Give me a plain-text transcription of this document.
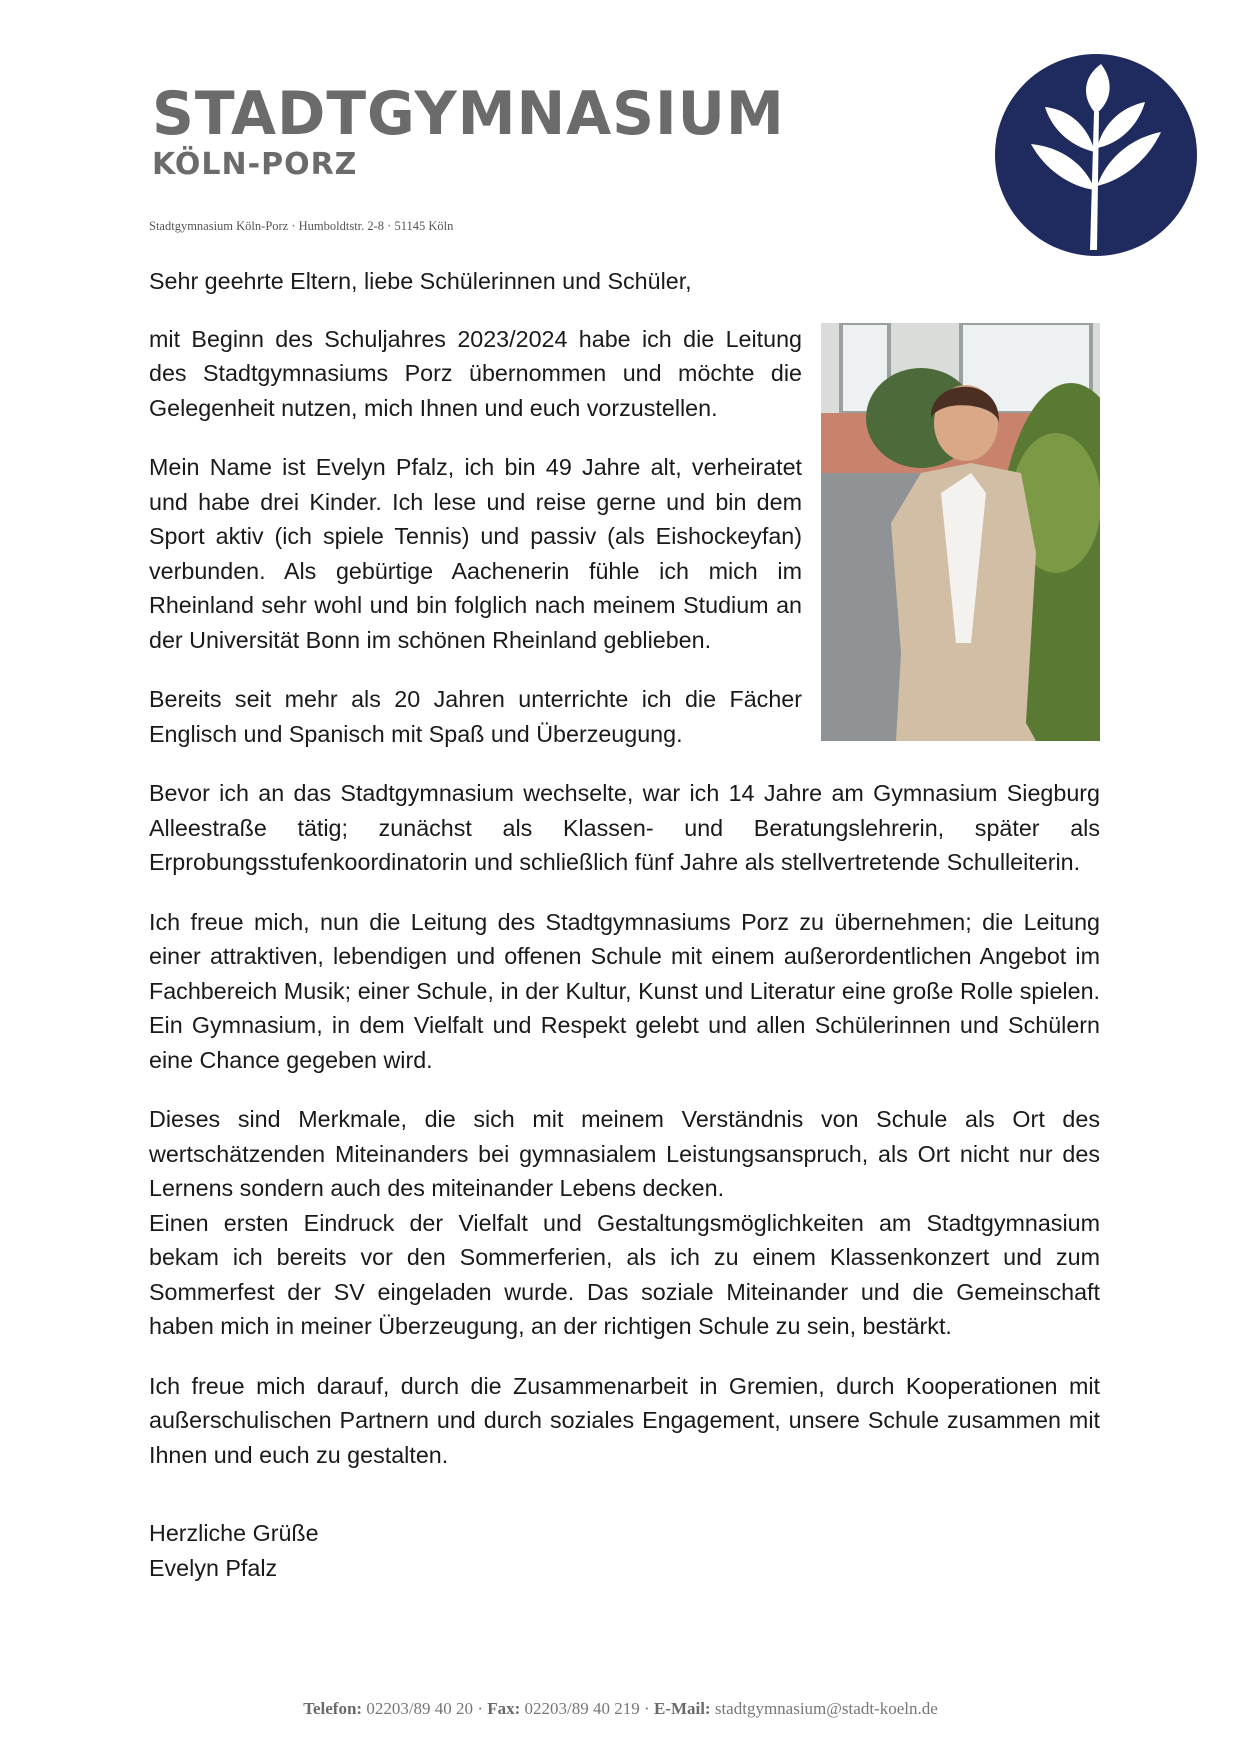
STADTGYMNASIUM
KÖLN-PORZ
Stadtgymnasium Köln-Porz · Humboldtstr. 2-8 · 51145 Köln

Sehr geehrte Eltern, liebe Schülerinnen und Schüler,

mit Beginn des Schuljahres 2023/2024 habe ich die Leitung des Stadtgymnasiums Porz übernommen und möchte die Gelegenheit nutzen, mich Ihnen und euch vorzustellen.

Mein Name ist Evelyn Pfalz, ich bin 49 Jahre alt, verheiratet und habe drei Kinder. Ich lese und reise gerne und bin dem Sport aktiv (ich spiele Tennis) und passiv (als Eishockeyfan) verbunden. Als gebürtige Aachenerin fühle ich mich im Rheinland sehr wohl und bin folglich nach meinem Studium an der Universität Bonn im schönen Rheinland geblieben.

Bereits seit mehr als 20 Jahren unterrichte ich die Fächer Englisch und Spanisch mit Spaß und Überzeugung.

Bevor ich an das Stadtgymnasium wechselte, war ich 14 Jahre am Gymnasium Siegburg Alleestraße tätig; zunächst als Klassen- und Beratungslehrerin, später als Erprobungsstufenkoordinatorin und schließlich fünf Jahre als stellvertretende Schulleiterin.

Ich freue mich, nun die Leitung des Stadtgymnasiums Porz zu übernehmen; die Leitung einer attraktiven, lebendigen und offenen Schule mit einem außerordentlichen Angebot im Fachbereich Musik; einer Schule, in der Kultur, Kunst und Literatur eine große Rolle spielen. Ein Gymnasium, in dem Vielfalt und Respekt gelebt und allen Schülerinnen und Schülern eine Chance gegeben wird.

Dieses sind Merkmale, die sich mit meinem Verständnis von Schule als Ort des wertschätzenden Miteinanders bei gymnasialem Leistungsanspruch, als Ort nicht nur des Lernens sondern auch des miteinander Lebens decken.

Einen ersten Eindruck der Vielfalt und Gestaltungsmöglichkeiten am Stadtgymnasium bekam ich bereits vor den Sommerferien, als ich zu einem Klassenkonzert und zum Sommerfest der SV eingeladen wurde. Das soziale Miteinander und die Gemeinschaft haben mich in meiner Überzeugung, an der richtigen Schule zu sein, bestärkt.

Ich freue mich darauf, durch die Zusammenarbeit in Gremien, durch Kooperationen mit außerschulischen Partnern und durch soziales Engagement, unsere Schule zusammen mit Ihnen und euch zu gestalten.

Herzliche Grüße
Evelyn Pfalz
Telefon: 02203/89 40 20 · Fax: 02203/89 40 219 · E-Mail: stadtgymnasium@stadt-koeln.de
